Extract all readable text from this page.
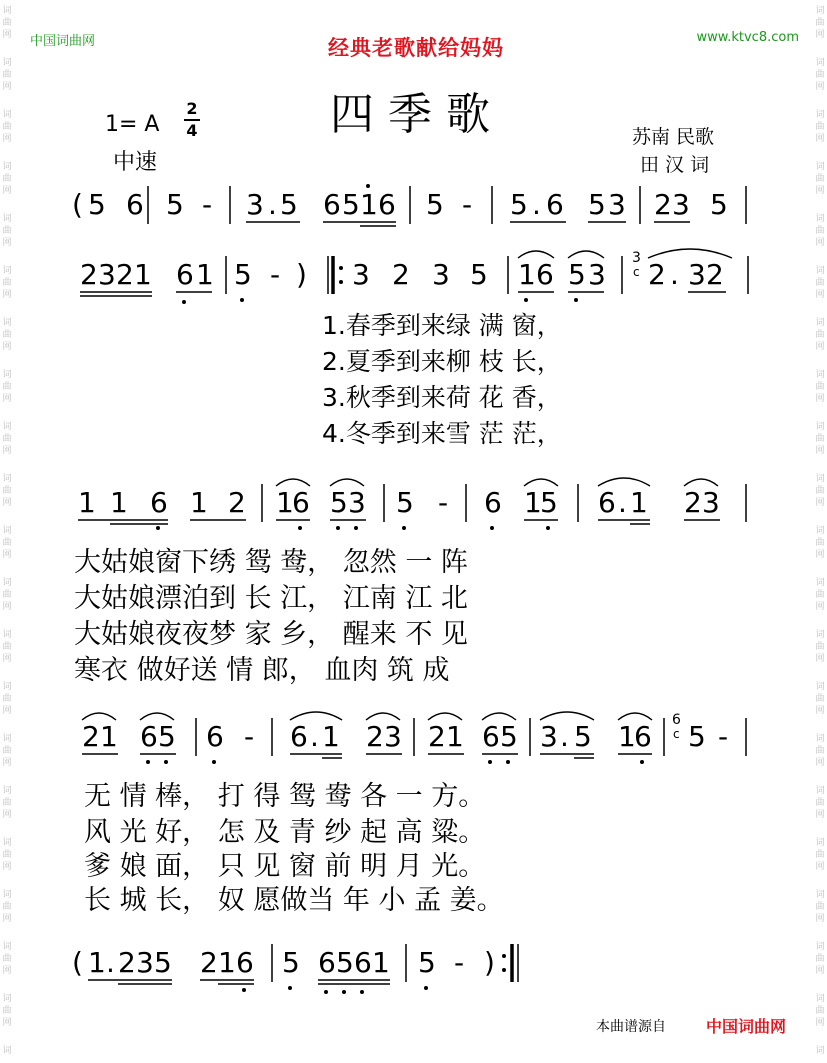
词
曲
网
词
曲
网
词
曲
网
词
曲
网
词
曲
网
词
曲
网
词
曲
网
词
曲
网
词
曲
网
词
曲
网
词
曲
网
词
曲
网
词
曲
网
词
曲
网
词
曲
网
词
曲
网
词
曲
网
词
曲
网
词
曲
网
词
曲
网
词
词
曲
网
词
曲
网
词
曲
网
词
曲
网
词
曲
网
词
曲
网
词
曲
网
词
曲
网
词
曲
网
词
曲
网
词
曲
网
词
曲
网
词
曲
网
词
曲
网
词
曲
网
词
曲
网
词
曲
网
词
曲
网
词
曲
网
词
曲
网
词
中国词曲网	经典老歌献给妈妈	www.ktvc8.com
四季歌
1= A
2
4
中速
苏南 民歌
田 汉 词
( 5 6 5 - 3 . 5 6 5 1 6 5 - 5 . 6 5 3 2 3 5
2 3 2 1 6 1 5 - ) 3 2 3 5 1 6 5 3 3
c 2 . 3 2
1 1 6 1 2 1
6 5 3 5 - 6 1
5 6 . 1 2 3
2 1 6 5 6 - 6 . 1 2 3 2 1 6 5 3 . 5 1
6 6
c 5 -
( 1 . 2 3 5 2 1 6 5 6 5 6 1 5 - )
1.春季到来绿 满 窗，
2.夏季到来柳 枝 长，
3.秋季到来荷 花 香，
4.冬季到来雪 茫 茫，
大姑娘窗下绣 鸳 鸯， 忽然 一 阵
大姑娘漂泊到 长 江， 江南 江 北
大姑娘夜夜梦 家 乡， 醒来 不 见
寒衣 做好送 情 郎， 血肉 筑 成
无 情 棒， 打 得 鸳 鸯 各 一 方。
风 光 好， 怎 及 青 纱 起 高 粱。
爹 娘 面， 只 见 窗 前 明 月 光。
长 城 长， 奴 愿做当 年 小 孟 姜。
本曲谱源自	中国词曲网
